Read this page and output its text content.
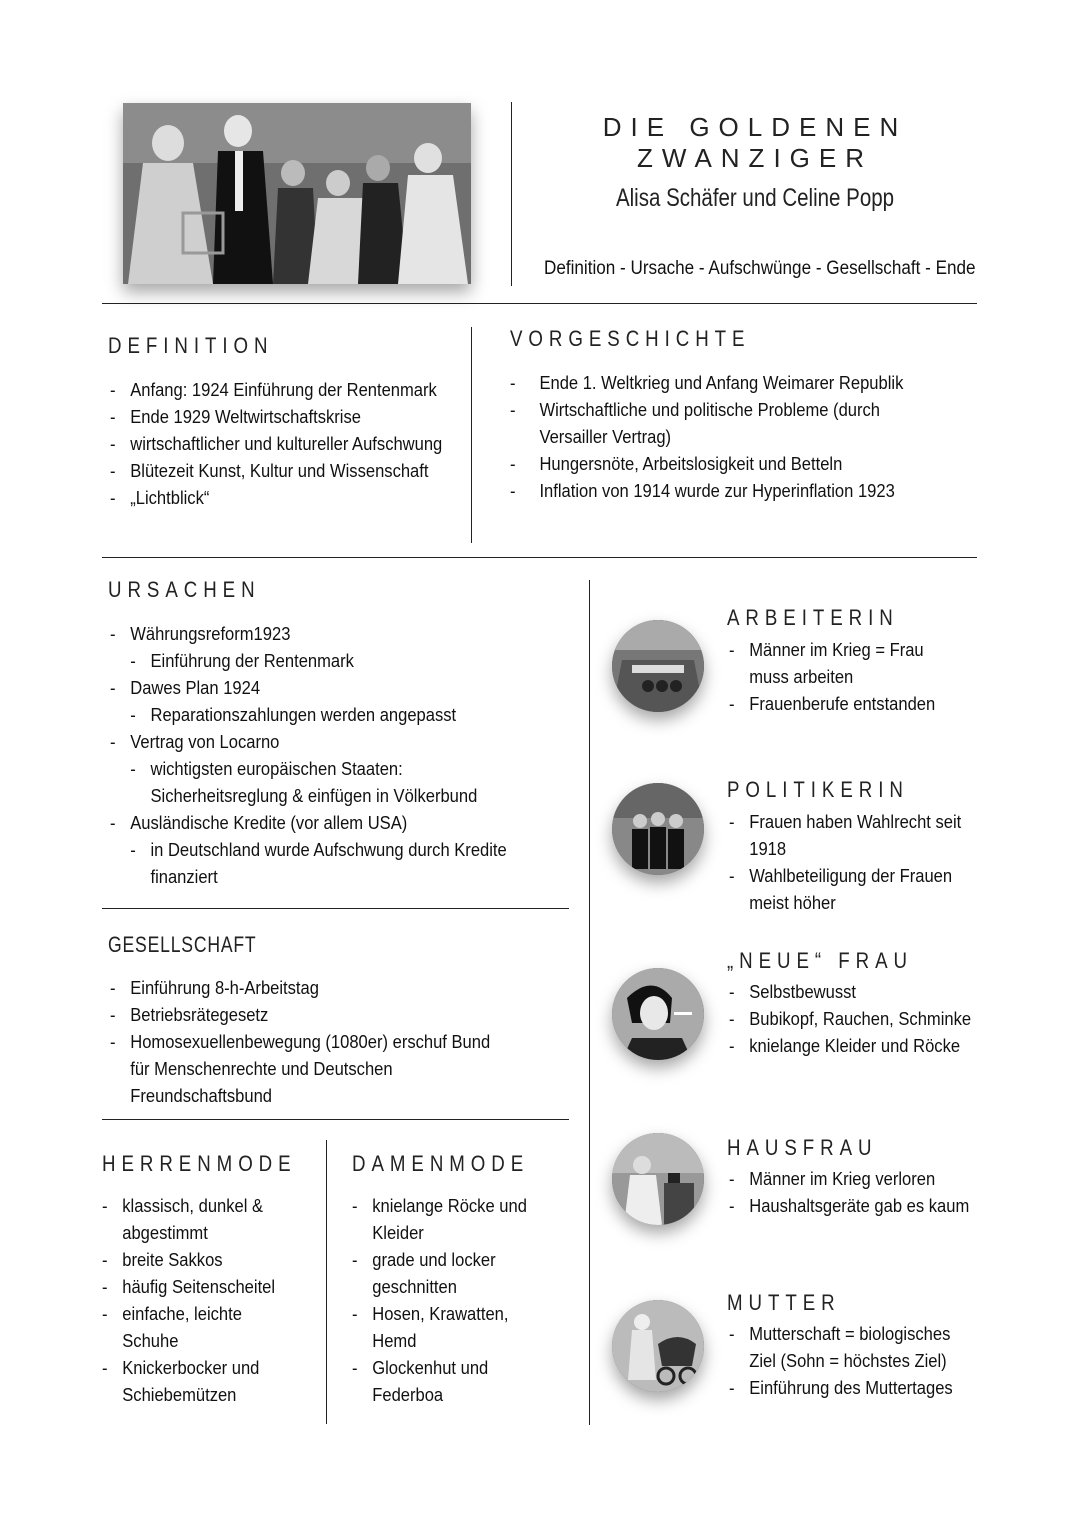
DIE GOLDENEN ZWANZIGER
Alisa Schäfer und Celine Popp
Definition - Ursache - Aufschwünge - Gesellschaft - Ende
DEFINITION
- Anfang: 1924 Einführung der Rentenmark
- Ende 1929 Weltwirtschaftskrise
- wirtschaftlicher und kultureller Aufschwung
- Blütezeit Kunst, Kultur und Wissenschaft
- „Lichtblick“
VORGESCHICHTE
- Ende 1. Weltkrieg und Anfang Weimarer Republik
- Wirtschaftliche und politische Probleme (durch Versailler Vertrag)
- Hungersnöte, Arbeitslosigkeit und Betteln
- Inflation von 1914 wurde zur Hyperinflation 1923
URSACHEN
- Währungsreform1923
- Einführung der Rentenmark
- Dawes Plan 1924
- Reparationszahlungen werden angepasst
- Vertrag von Locarno
- wichtigsten europäischen Staaten: Sicherheitsreglung & einfügen in Völkerbund
- Ausländische Kredite (vor allem USA)
- in Deutschland wurde Aufschwung durch Kredite finanziert
GESELLSCHAFT
- Einführung 8-h-Arbeitstag
- Betriebsrätegesetz
- Homosexuellenbewegung (1080er) erschuf Bund für Menschenrechte und Deutschen Freundschaftsbund
HERRENMODE
- klassisch, dunkel & abgestimmt
- breite Sakkos
- häufig Seitenscheitel
- einfache, leichte Schuhe
- Knickerbocker und Schiebemützen
DAMENMODE
- knielange Röcke und Kleider
- grade und locker geschnitten
- Hosen, Krawatten, Hemd
- Glockenhut und Federboa
ARBEITERIN
- Männer im Krieg = Frau muss arbeiten
- Frauenberufe entstanden
POLITIKERIN
- Frauen haben Wahlrecht seit 1918
- Wahlbeteiligung der Frauen meist höher
„NEUE“ FRAU
- Selbstbewusst
- Bubikopf, Rauchen, Schminke
- knielange Kleider und Röcke
HAUSFRAU
- Männer im Krieg verloren
- Haushaltsgeräte gab es kaum
MUTTER
- Mutterschaft = biologisches Ziel (Sohn = höchstes Ziel)
- Einführung des Muttertages
